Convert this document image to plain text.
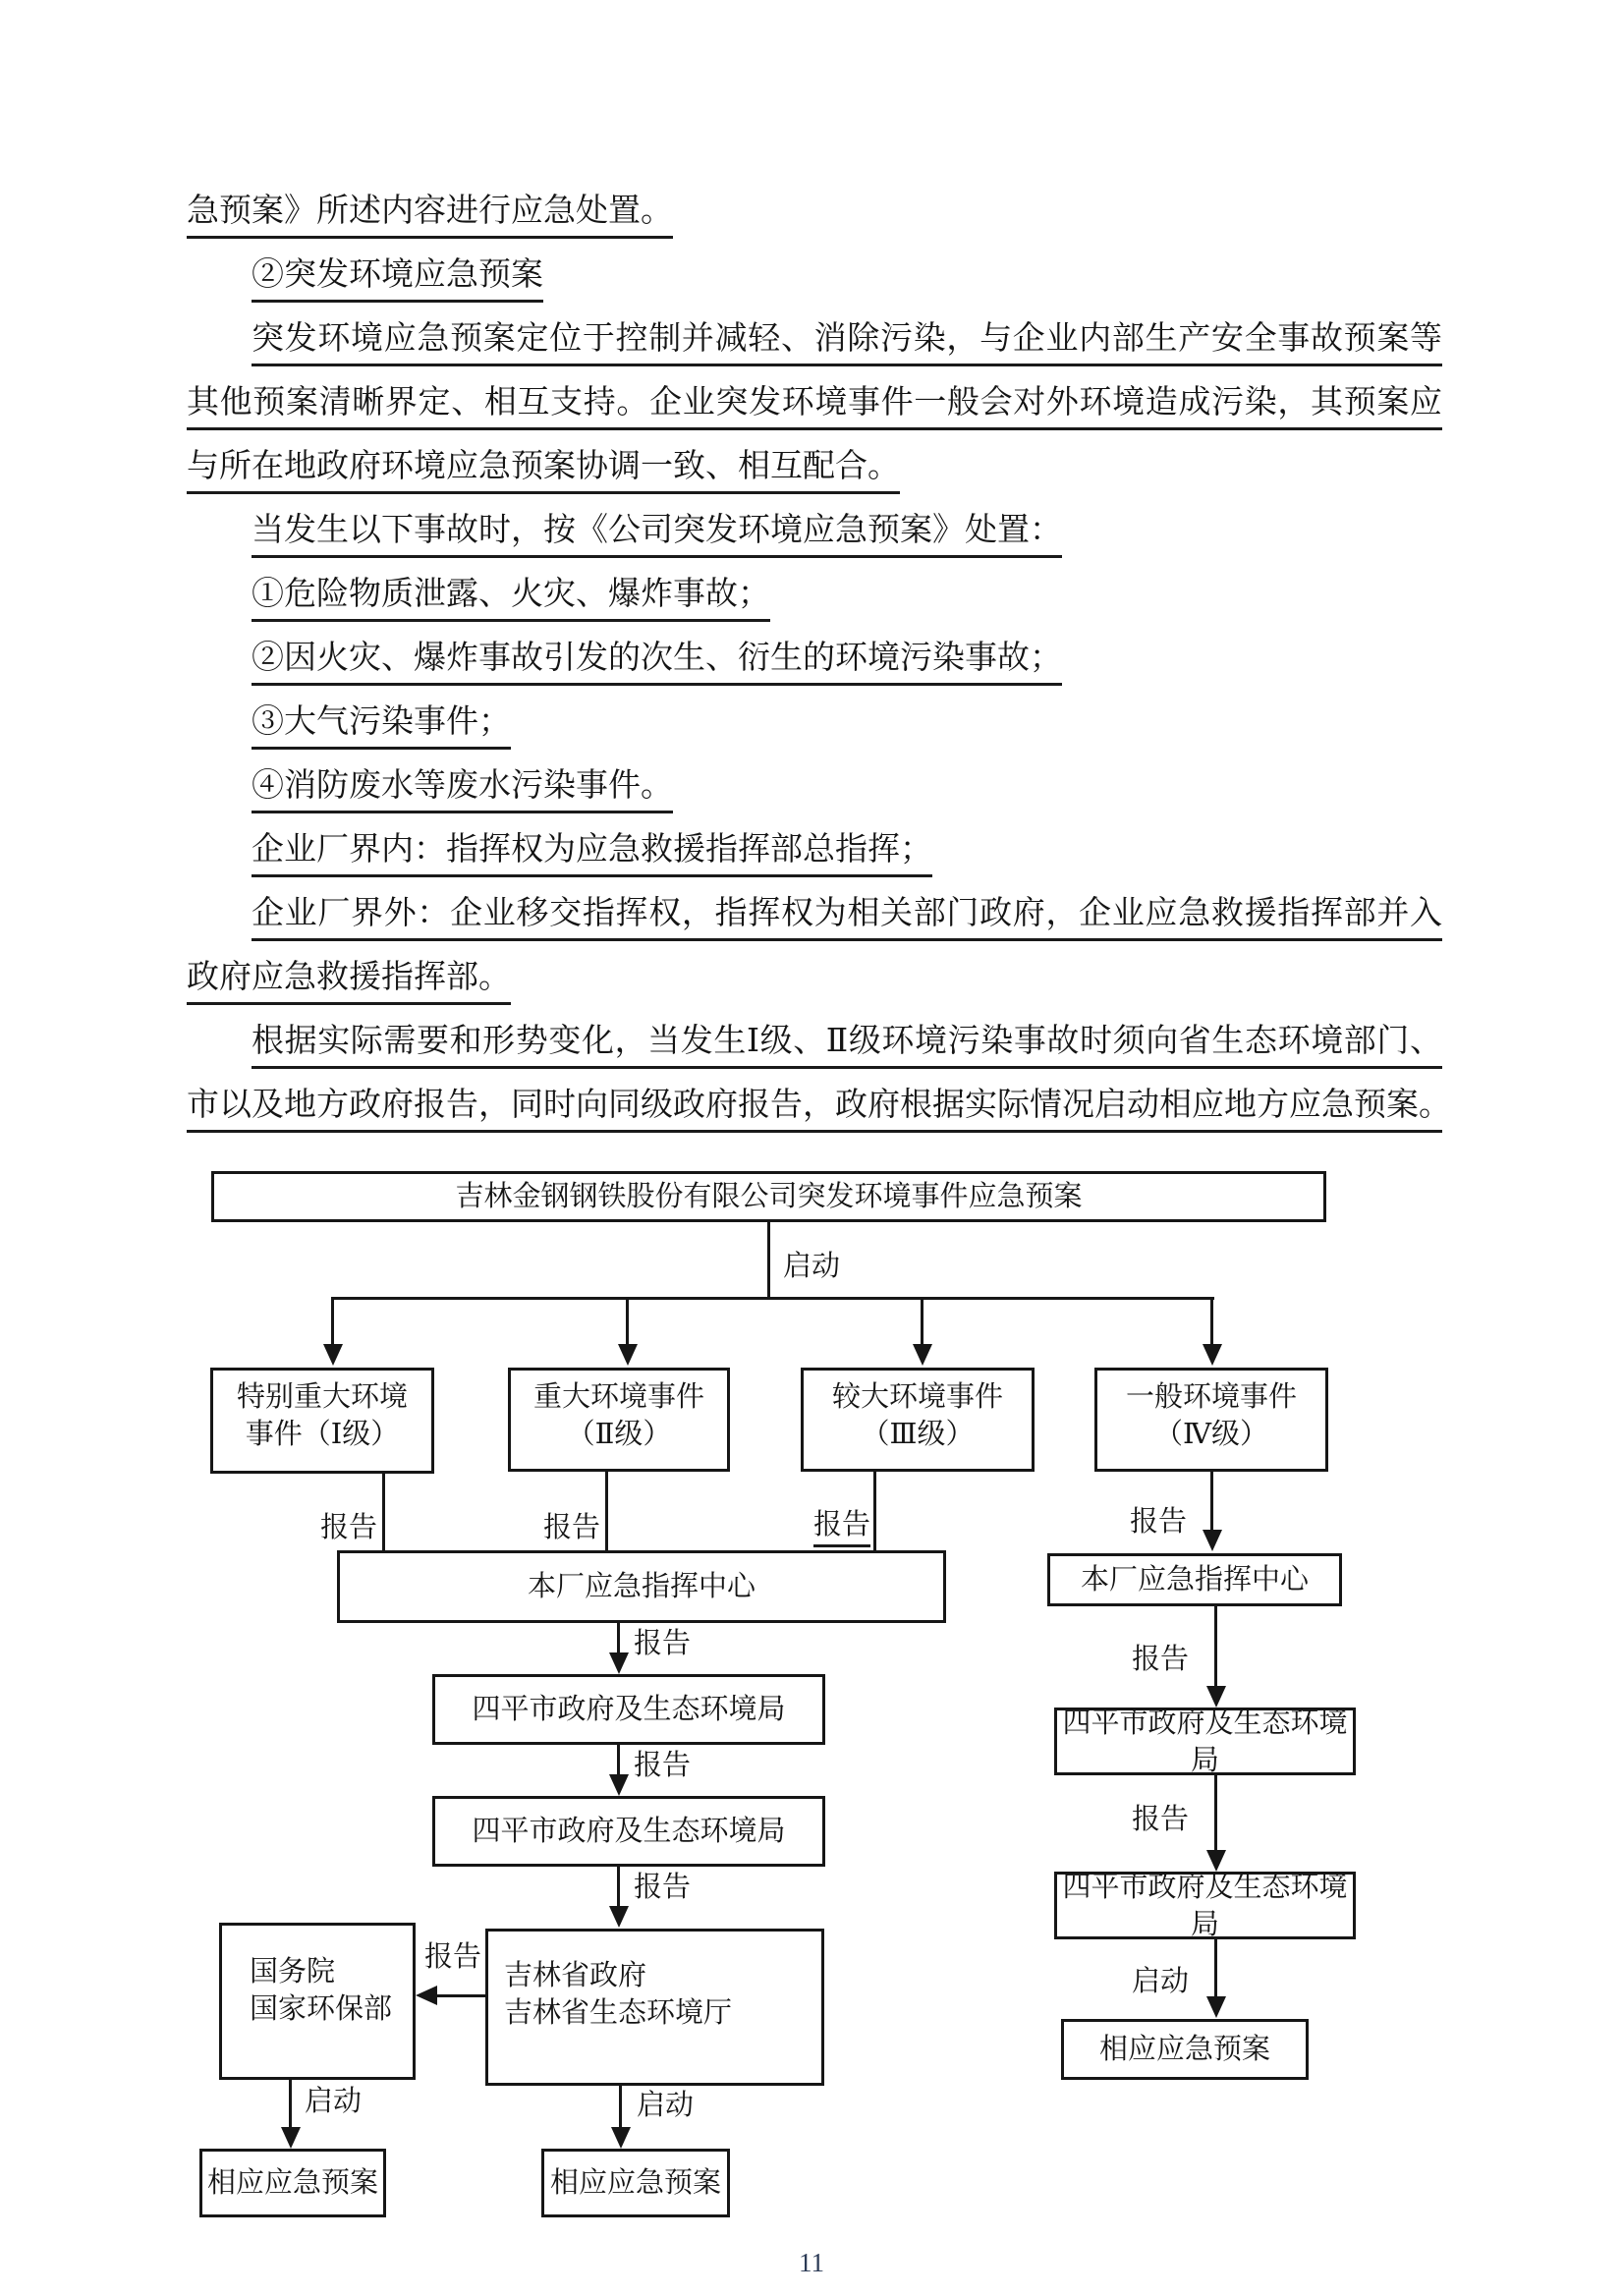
急预案》所述内容进行应急处置。
②突发环境应急预案
突发环境应急预案定位于控制并减轻、消除污染，与企业内部生产安全事故预案等
其他预案清晰界定、相互支持。企业突发环境事件一般会对外环境造成污染，其预案应
与所在地政府环境应急预案协调一致、相互配合。
当发生以下事故时，按《公司突发环境应急预案》处置：
①危险物质泄露、火灾、爆炸事故；
②因火灾、爆炸事故引发的次生、衍生的环境污染事故；
③大气污染事件；
④消防废水等废水污染事件。
企业厂界内：指挥权为应急救援指挥部总指挥；
企业厂界外：企业移交指挥权，指挥权为相关部门政府，企业应急救援指挥部并入
政府应急救援指挥部。
根据实际需要和形势变化，当发生Ⅰ级、Ⅱ级环境污染事故时须向省生态环境部门、
市以及地方政府报告，同时向同级政府报告，政府根据实际情况启动相应地方应急预案。
吉林金钢钢铁股份有限公司突发环境事件应急预案
启动
特别重大环境
事件（Ⅰ级）
重大环境事件
（Ⅱ级）
较大环境事件
（Ⅲ级）
一般环境事件
（Ⅳ级）
报告	报告	报告
本厂应急指挥中心
报告
四平市政府及生态环境局
报告
四平市政府及生态环境局
报告
吉林省政府
吉林省生态环境厅
国务院
国家环保部
报告
启动
相应应急预案
启动
相应应急预案
报告
本厂应急指挥中心
报告
四平市政府及生态环境局
报告
四平市政府及生态环境局
启动
相应应急预案
11
